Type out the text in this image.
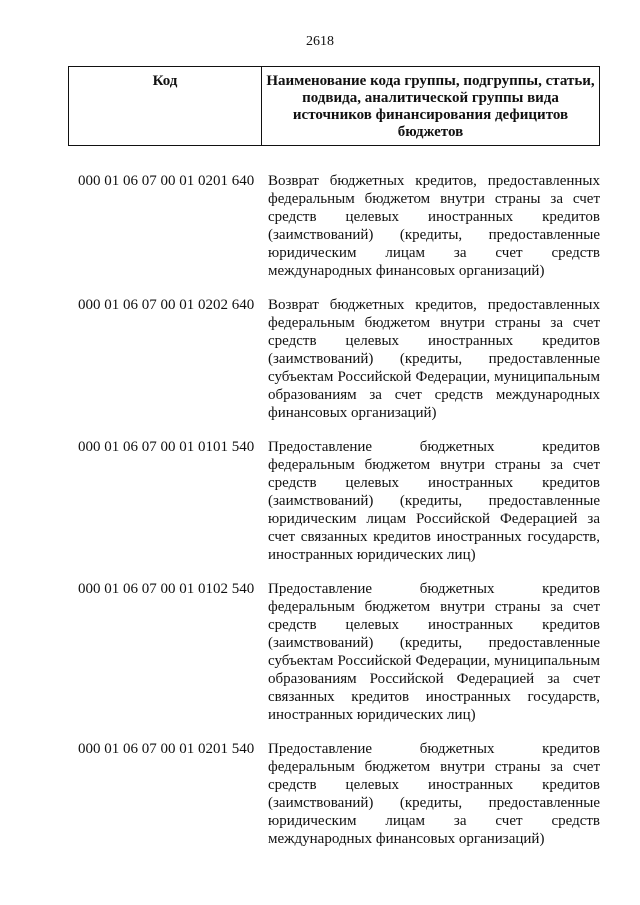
2618
Код	Наименование кода группы, подгруппы, статьи, подвида, аналитической группы вида источников финансирования дефицитов бюджетов
000 01 06 07 00 01 0201 640 Возврат бюджетных кредитов, предоставленных федеральным бюджетом внутри страны за счет средств целевых иностранных кредитов (заимствований) (кредиты, предоставленные юридическим лицам за счет средств международных финансовых организаций)
000 01 06 07 00 01 0202 640 Возврат бюджетных кредитов, предоставленных федеральным бюджетом внутри страны за счет средств целевых иностранных кредитов (заимствований) (кредиты, предоставленные субъектам Российской Федерации, муниципальным образованиям за счет средств международных финансовых организаций)
000 01 06 07 00 01 0101 540 Предоставление бюджетных кредитов федеральным бюджетом внутри страны за счет средств целевых иностранных кредитов (заимствований) (кредиты, предоставленные юридическим лицам Российской Федерацией за счет связанных кредитов иностранных государств, иностранных юридических лиц)
000 01 06 07 00 01 0102 540 Предоставление бюджетных кредитов федеральным бюджетом внутри страны за счет средств целевых иностранных кредитов (заимствований) (кредиты, предоставленные субъектам Российской Федерации, муниципальным образованиям Российской Федерацией за счет связанных кредитов иностранных государств, иностранных юридических лиц)
000 01 06 07 00 01 0201 540 Предоставление бюджетных кредитов федеральным бюджетом внутри страны за счет средств целевых иностранных кредитов (заимствований) (кредиты, предоставленные юридическим лицам за счет средств международных финансовых организаций)
